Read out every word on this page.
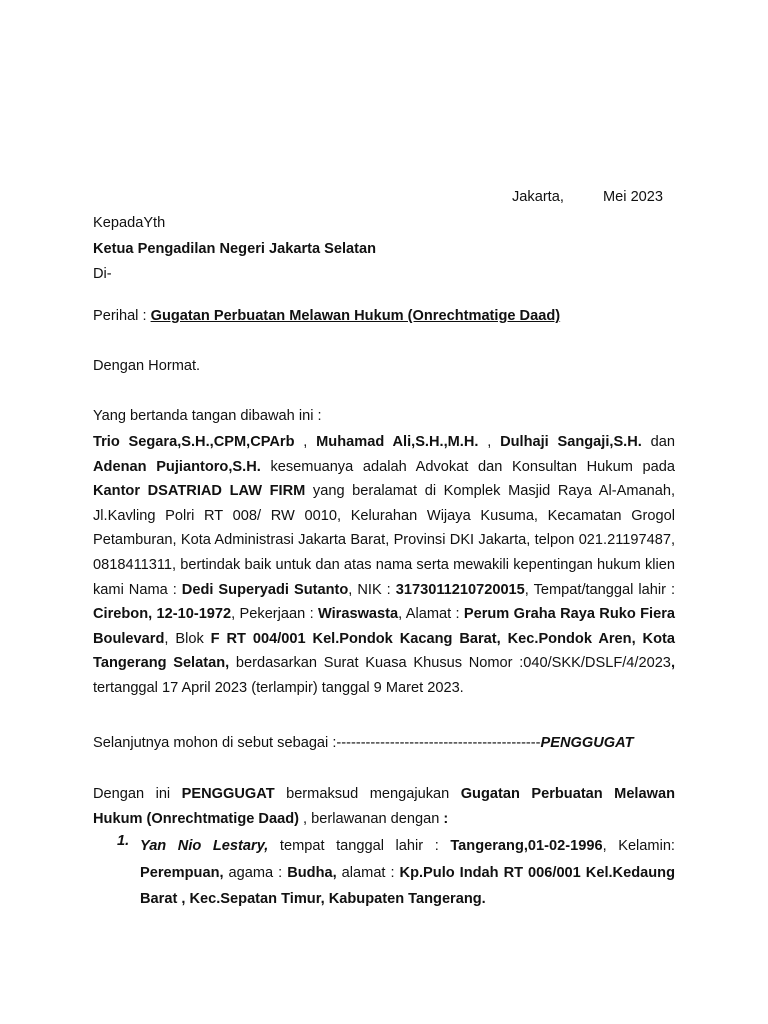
Jakarta,	Mei 2023
KepadaYth
Ketua Pengadilan Negeri Jakarta Selatan
Di-
Perihal : Gugatan Perbuatan Melawan Hukum (Onrechtmatige Daad)
Dengan Hormat.
Yang bertanda tangan dibawah ini :
Trio Segara,S.H.,CPM,CPArb , Muhamad Ali,S.H.,M.H. , Dulhaji Sangaji,S.H. dan Adenan Pujiantoro,S.H. kesemuanya adalah Advokat dan Konsultan Hukum pada Kantor DSATRIAD LAW FIRM yang beralamat di Komplek Masjid Raya Al-Amanah, Jl.Kavling Polri RT 008/ RW 0010, Kelurahan Wijaya Kusuma, Kecamatan Grogol Petamburan, Kota Administrasi Jakarta Barat, Provinsi DKI Jakarta, telpon 021.21197487, 0818411311, bertindak baik untuk dan atas nama serta mewakili kepentingan hukum klien kami Nama : Dedi Superyadi Sutanto, NIK : 3173011210720015, Tempat/tanggal lahir : Cirebon, 12-10-1972, Pekerjaan : Wiraswasta, Alamat : Perum Graha Raya Ruko Fiera Boulevard, Blok F RT 004/001 Kel.Pondok Kacang Barat, Kec.Pondok Aren, Kota Tangerang Selatan, berdasarkan Surat Kuasa Khusus Nomor :040/SKK/DSLF/4/2023, tertanggal 17 April 2023 (terlampir) tanggal 9 Maret 2023.
Selanjutnya mohon di sebut sebagai :------------------------------------------PENGGUGAT
Dengan ini PENGGUGAT bermaksud mengajukan Gugatan Perbuatan Melawan Hukum (Onrechtmatige Daad) , berlawanan dengan :
1. Yan Nio Lestary, tempat tanggal lahir : Tangerang,01-02-1996, Kelamin: Perempuan, agama : Budha, alamat : Kp.Pulo Indah RT 006/001 Kel.Kedaung Barat , Kec.Sepatan Timur, Kabupaten Tangerang.
